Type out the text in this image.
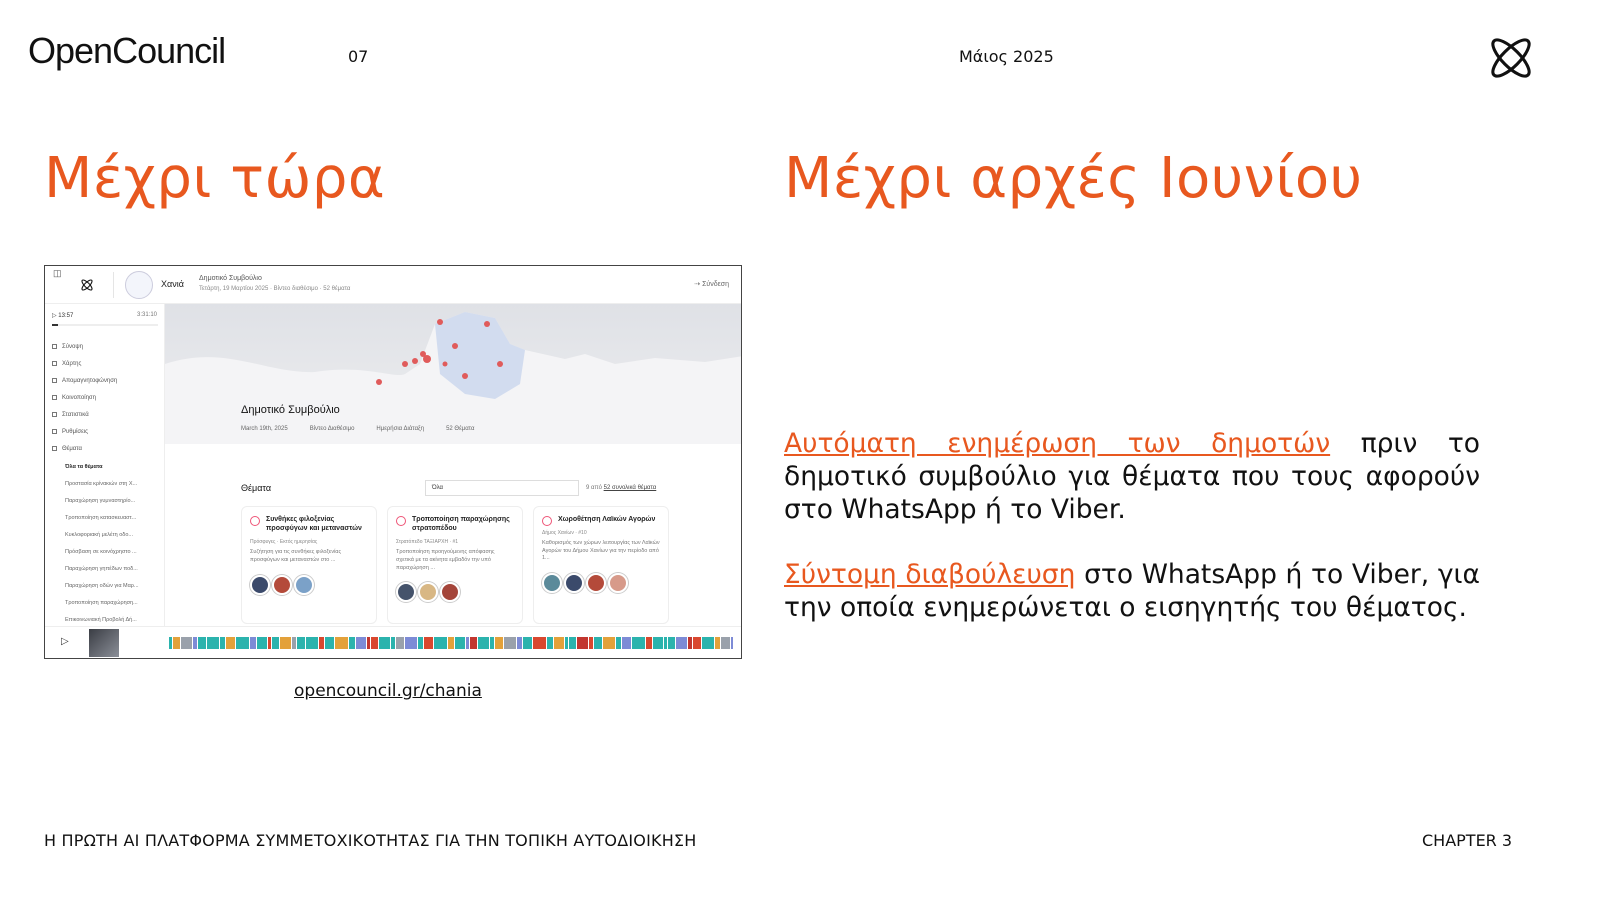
OpenCouncil	07	Μάιος 2025
Μέχρι τώρα	Μέχρι αρχές Ιουνίου
◫
Χανιά
Δημοτικό Συμβούλιο
Τετάρτη, 19 Μαρτίου 2025 · Βίντεο διαθέσιμο · 52 θέματα
⇢ Σύνδεση
▷ 13:57	3:31:10
Σύνοψη
Χάρτης
Απομαγνητοφώνηση
Κοινοποίηση
Στατιστικά
Ρυθμίσεις
Θέματα
Όλα τα θέματα
Προστασία κρίνακιών στη Χ...
Παραχώρηση γυμναστηρίο...
Τροποποίηση κατασκευαστ...
Κυκλοφοριακή μελέτη οδο...
Πρόσβαση σε κοινόχρηστο ...
Παραχώρηση γηπέδων ποδ...
Παραχώρηση οδών για Μαρ...
Τροποποίηση παραχώρηση...
Επικοινωνιακή Προβολή Δή...
Δημοτικό Συμβούλιο
March 19th, 2025	Βίντεο Διαθέσιμο	Ημερήσια Διάταξη	52 Θέματα
Θέματα	Όλα	9 από 52 συνολικά θέματα
Συνθήκες φιλοξενίας προσφύγων και μεταναστών
Πρόσφυγες · Εκτός ημερησίας
Συζήτηση για τις συνθήκες φιλοξενίας προσφύγων και μεταναστών στο ...
Τροποποίηση παραχώρησης στρατοπέδου
Στρατόπεδο ΤΑΞΙΑΡΧΗ · #1
Τροποποίηση προηγούμενης απόφασης σχετικά με τα ακίνητα εμβαδόν την υπό παραχώρηση ...
Χωροθέτηση Λαϊκών Αγορών
Δήμος Χανίων · #10
Καθορισμός των χώρων λειτουργίας των Λαϊκών Αγορών του Δήμου Χανίων για την περίοδο από 1...
▷
opencouncil.gr/chania

Αυτόματη ενημέρωση των δημοτών πριν το δημοτικό συμβούλιο για θέματα που τους αφορούν στο WhatsApp ή το Viber.

Σύντομη διαβούλευση στο WhatsApp ή το Viber, για την οποία ενημερώνεται ο εισηγητής του θέματος.

Η ΠΡΩΤΗ AI ΠΛΑΤΦΟΡΜΑ ΣΥΜΜΕΤΟΧΙΚΟΤΗΤΑΣ ΓΙΑ ΤΗΝ ΤΟΠΙΚΗ ΑΥΤΟΔΙΟΙΚΗΣΗ	CHAPTER 3
